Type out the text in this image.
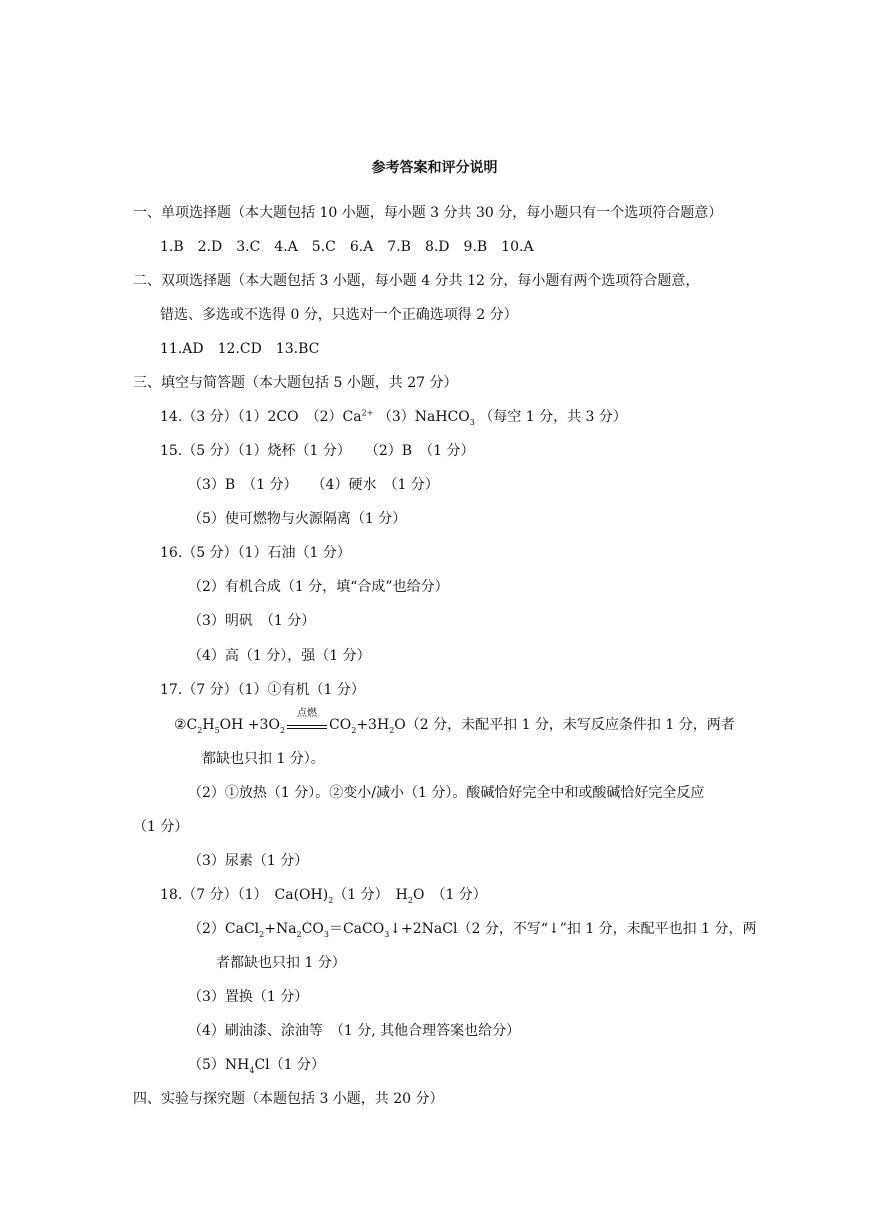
参考答案和评分说明
一、单项选择题（本大题包括 10 小题，每小题 3 分共 30 分，每小题只有一个选项符合题意）
1.B　2.D　3.C　4.A　5.C　6.A　7.B　8.D　9.B　10.A
二、双项选择题（本大题包括 3 小题，每小题 4 分共 12 分，每小题有两个选项符合题意，
错选、多选或不选得 0 分，只选对一个正确选项得 2 分）
11.AD　12.CD　13.BC
三、填空与简答题（本大题包括 5 小题，共 27 分）
14.（3 分）（1）2CO　$(2)Ca^{2+}$ （3）NaHCO$_3$ （每空 1 分，共 3 分）
15.（5 分）（1）烧杯（1 分）　　（2）B　（1 分）
（3）B　（1 分）　　（4）硬水　（1 分）
（5）使可燃物与火源隔离（1 分）
16.（5 分）（1）石油（1 分）
（2）有机合成（1 分，填“合成”也给分）
（3）明矾　（1 分）
（4）高（1 分），强（1 分）
17.（7 分）（1）①有机（1 分）
$②C_2H_5OH +3O_2$
点燃
$CO_2+3H_2O(2$ 分，未配平扣 1 分，未写反应条件扣 1 分，两者
都缺也只扣 1 分）。
（2）①放热（1 分）。②变小/减小（1 分）。酸碱恰好完全中和或酸碱恰好完全反应
（1 分）
（3）尿素（1 分）
18.（7 分）（1）　$Ca(OH)_2(1$ 分）　$H_2O$　（1 分）
$(2)CaCl_2+Na_2CO_3=CaCO_3↓+2NaCl(2$ 分，不写“↓”扣 1 分，未配平也扣 1 分，两
者都缺也只扣 1 分）
（3）置换（1 分）
（4）刷油漆、涂油等　（1 分, 其他合理答案也给分）
$(5)NH_4Cl(1$ 分）
四、实验与探究题（本题包括 3 小题，共 20 分）
